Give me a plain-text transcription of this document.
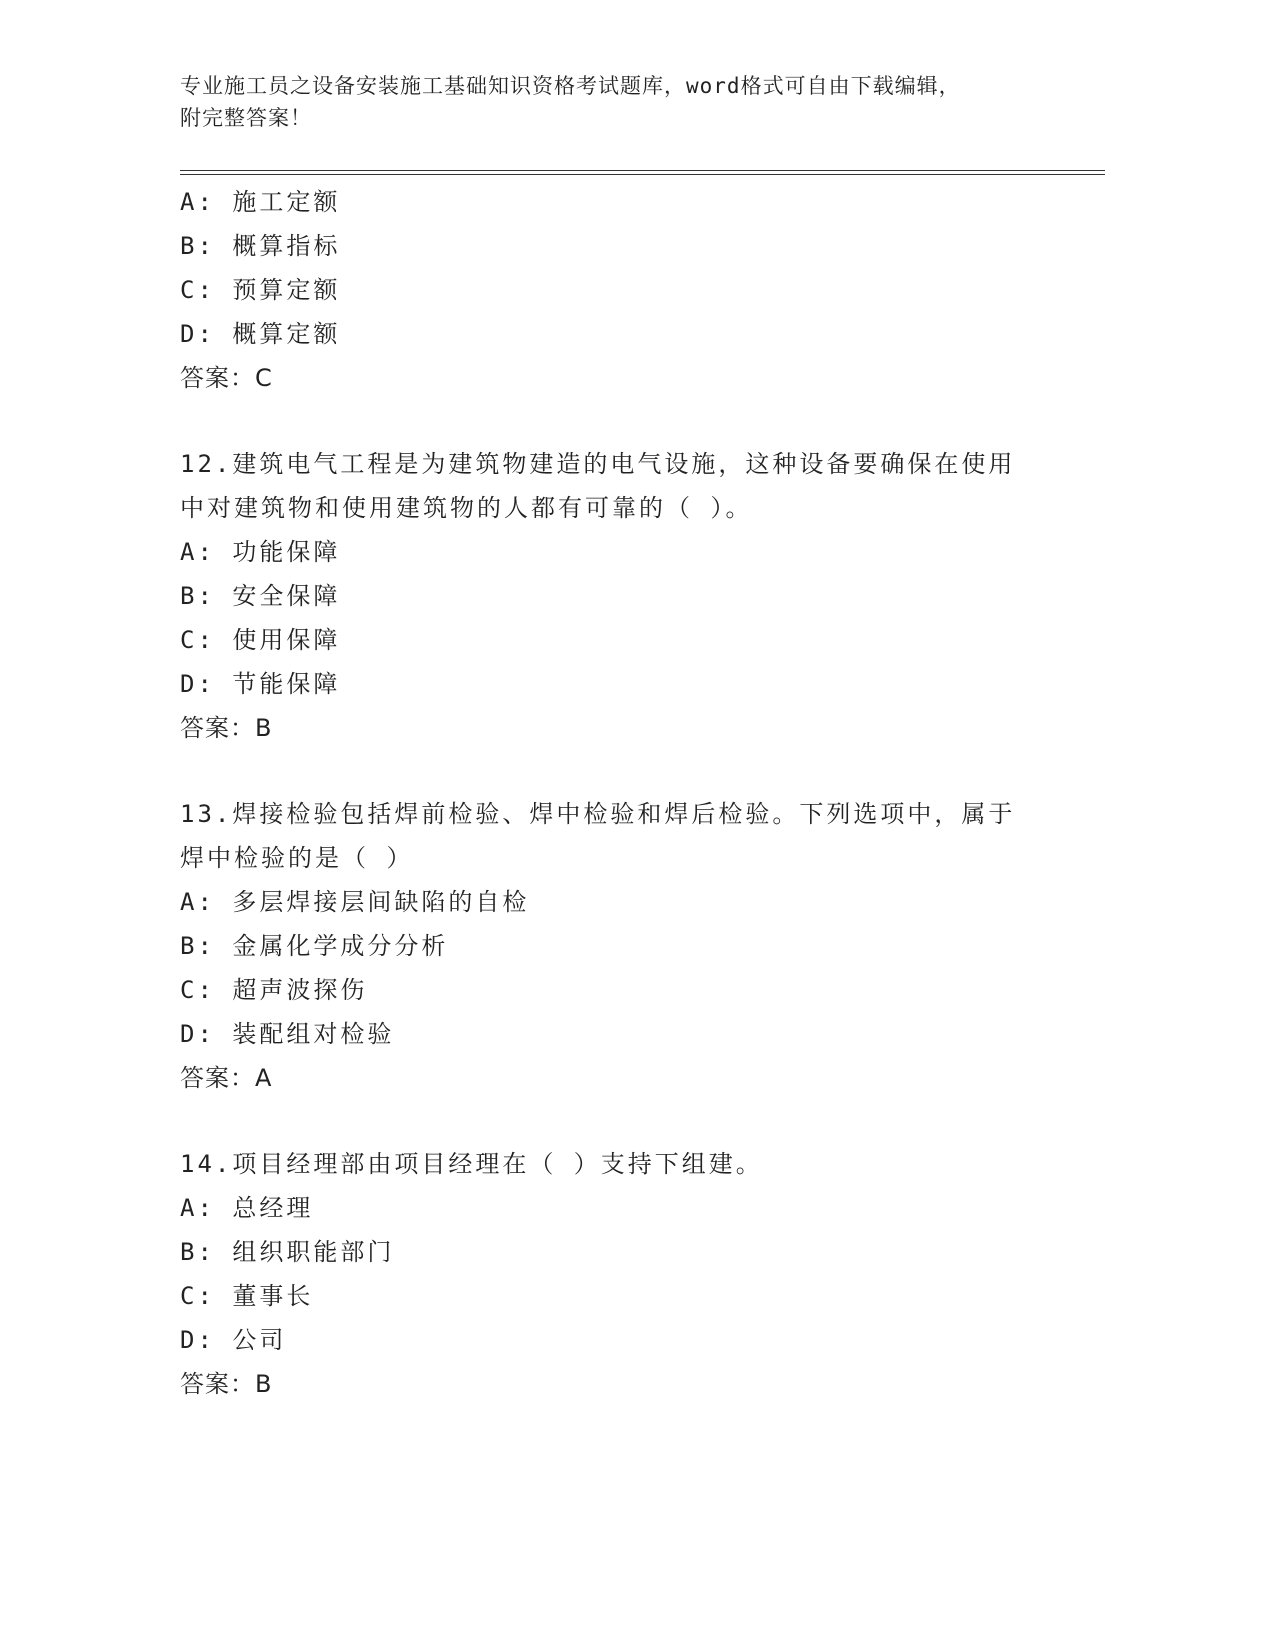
专业施工员之设备安装施工基础知识资格考试题库，word格式可自由下载编辑，
附完整答案！
A: 施工定额
B: 概算指标
C: 预算定额
D: 概算定额
答案：C
12.建筑电气工程是为建筑物建造的电气设施，这种设备要确保在使用
中对建筑物和使用建筑物的人都有可靠的（ ）。
A: 功能保障
B: 安全保障
C: 使用保障
D: 节能保障
答案：B
13.焊接检验包括焊前检验、焊中检验和焊后检验。下列选项中，属于
焊中检验的是（ ）
A: 多层焊接层间缺陷的自检
B: 金属化学成分分析
C: 超声波探伤
D: 装配组对检验
答案：A
14.项目经理部由项目经理在（ ）支持下组建。
A: 总经理
B: 组织职能部门
C: 董事长
D: 公司
答案：B
